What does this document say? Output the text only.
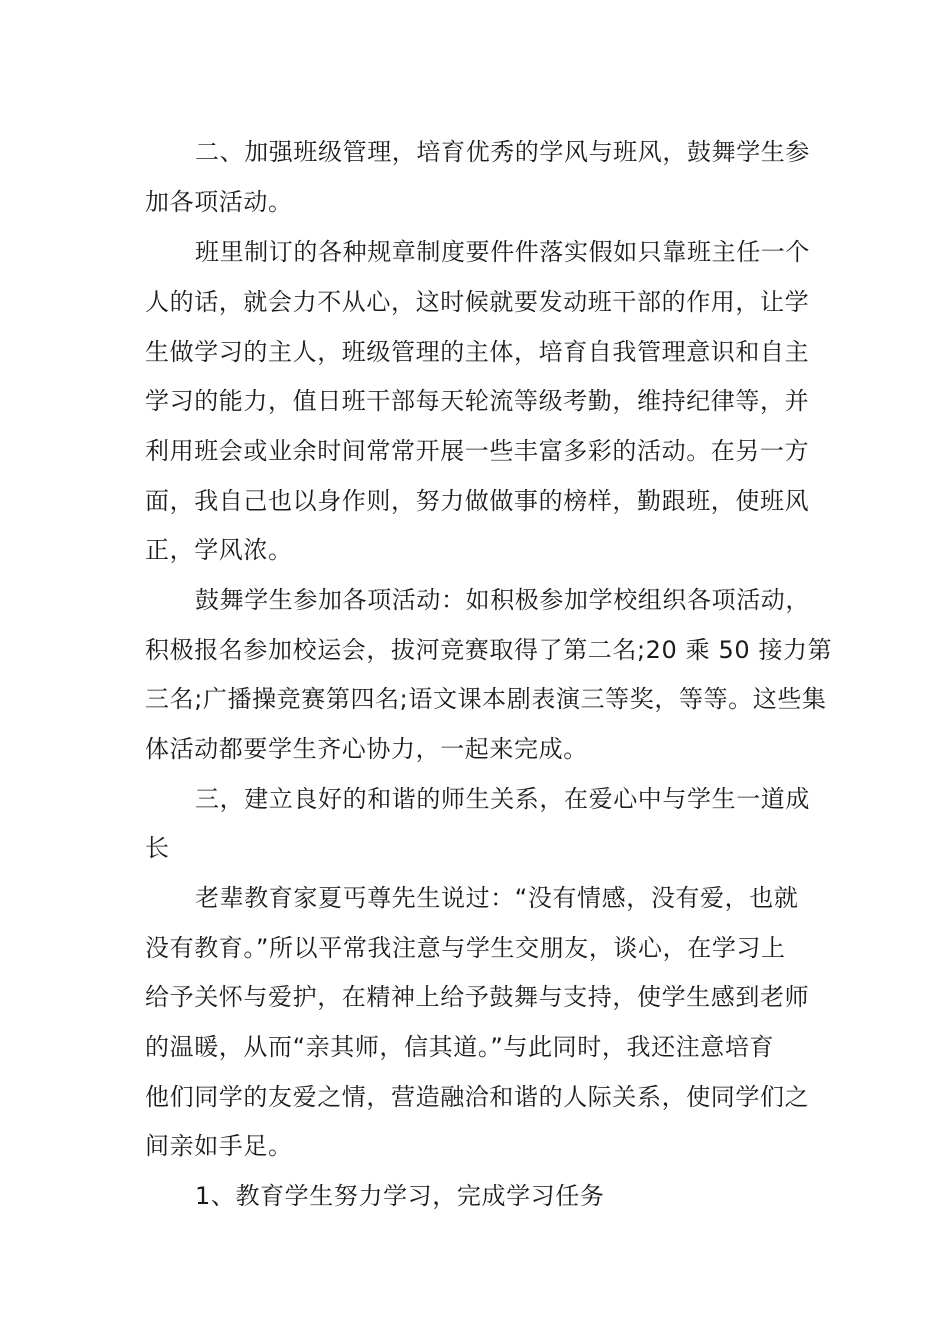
二、加强班级管理，培育优秀的学风与班风，鼓舞学生参
加各项活动。
班里制订的各种规章制度要件件落实假如只靠班主任一个
人的话，就会力不从心，这时候就要发动班干部的作用，让学
生做学习的主人，班级管理的主体，培育自我管理意识和自主
学习的能力，值日班干部每天轮流等级考勤，维持纪律等，并
利用班会或业余时间常常开展一些丰富多彩的活动。在另一方
面，我自己也以身作则，努力做做事的榜样，勤跟班，使班风
正，学风浓。
鼓舞学生参加各项活动：如积极参加学校组织各项活动，
积极报名参加校运会，拔河竞赛取得了第二名;20 乘 50 接力第
三名;广播操竞赛第四名;语文课本剧表演三等奖，等等。这些集
体活动都要学生齐心协力，一起来完成。
三，建立良好的和谐的师生关系，在爱心中与学生一道成
长
老辈教育家夏丐尊先生说过：“没有情感，没有爱，也就
没有教育。”所以平常我注意与学生交朋友，谈心，在学习上
给予关怀与爱护，在精神上给予鼓舞与支持，使学生感到老师
的温暖，从而“亲其师，信其道。”与此同时，我还注意培育
他们同学的友爱之情，营造融洽和谐的人际关系，使同学们之
间亲如手足。
1、教育学生努力学习，完成学习任务
